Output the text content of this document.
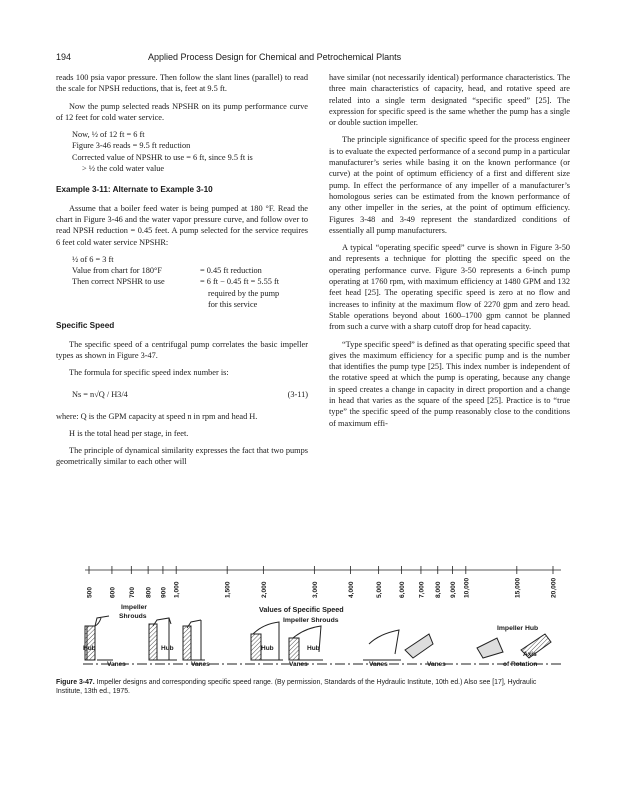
194	Applied Process Design for Chemical and Petrochemical Plants

reads 100 psia vapor pressure. Then follow the slant lines (parallel) to read the scale for NPSH reductions, that is, feet at 9.5 ft.

Now the pump selected reads NPSHR on its pump performance curve of 12 feet for cold water service.

Now, ½ of 12 ft = 6 ft
Figure 3-46 reads = 9.5 ft reduction
Corrected value of NPSHR to use = 6 ft, since 9.5 ft is
> ½ the cold water value
Example 3-11: Alternate to Example 3-10

Assume that a boiler feed water is being pumped at 180 °F. Read the chart in Figure 3-46 and the water vapor pressure curve, and follow over to read NPSH reduction = 0.45 feet. A pump selected for the service requires 6 feet cold water service NPSHR:

½ of 6 = 3 ft
Value from chart for 180°F	= 0.45 ft reduction
Then correct NPSHR to use	= 6 ft − 0.45 ft = 5.55 ft
required by the pump
for this service
Specific Speed

The specific speed of a centrifugal pump correlates the basic impeller types as shown in Figure 3-47.

The formula for specific speed index number is:

Ns = n√Q / H3/4	(3-11)

where: Q is the GPM capacity at speed n in rpm and head H.

H is the total head per stage, in feet.

The principle of dynamical similarity expresses the fact that two pumps geometrically similar to each other will

have similar (not necessarily identical) performance characteristics. The three main characteristics of capacity, head, and rotative speed are related into a single term designated “specific speed” [25]. The expression for specific speed is the same whether the pump has a single or double suction impeller.

The principle significance of specific speed for the process engineer is to evaluate the expected performance of a second pump in a particular manufacturer’s series while basing it on the known performance (or curve) at the point of optimum efficiency of a first and different size pump. In effect the performance of any impeller of a manufacturer’s homologous series can be estimated from the known performance of any other impeller in the series, at the point of optimum efficiency. Figures 3-48 and 3-49 represent the standardized conditions of essentially all pump manufacturers.

A typical “operating specific speed” curve is shown in Figure 3-50 and represents a technique for plotting the specific speed on the operating performance curve. Figure 3-50 represents a 6-inch pump operating at 1760 rpm, with maximum efficiency at 1480 GPM and 132 feet head [25]. The operating specific speed is zero at no flow and increases to infinity at the maximum flow of 2270 gpm and zero head. Stable operations beyond about 1600–1700 gpm cannot be planned from such a curve with a sharp cutoff drop for head capacity.

“Type specific speed” is defined as that operating specific speed that gives the maximum efficiency for a specific pump and is the number that identifies the pump type [25]. This index number is independent of the rotative speed at which the pump is operating, because any change in speed creates a change in capacity in direct proportion and a change in head that varies as the square of the speed [25]. Practice is to “true type” the specific speed of the pump reasonably close to the conditions of maximum effi-

500 600 700 800 900 1,000	1,500	2,000	3,000	4,000	5,000 6,000 7,000 8,000 9,000 10,000	15,000	20,000
Values of Specific Speed
Impeller
Shrouds
Impeller Shrouds
Impeller Hub
Hub	Hub	Hub	Hub
Vanes	Vanes	Vanes	Vanes	Vanes
Axis
of Rotation
Figure 3-47. Impeller designs and corresponding specific speed range. (By permission, Standards of the Hydraulic Institute, 10th ed.) Also see [17], Hydraulic Institute, 13th ed., 1975.
